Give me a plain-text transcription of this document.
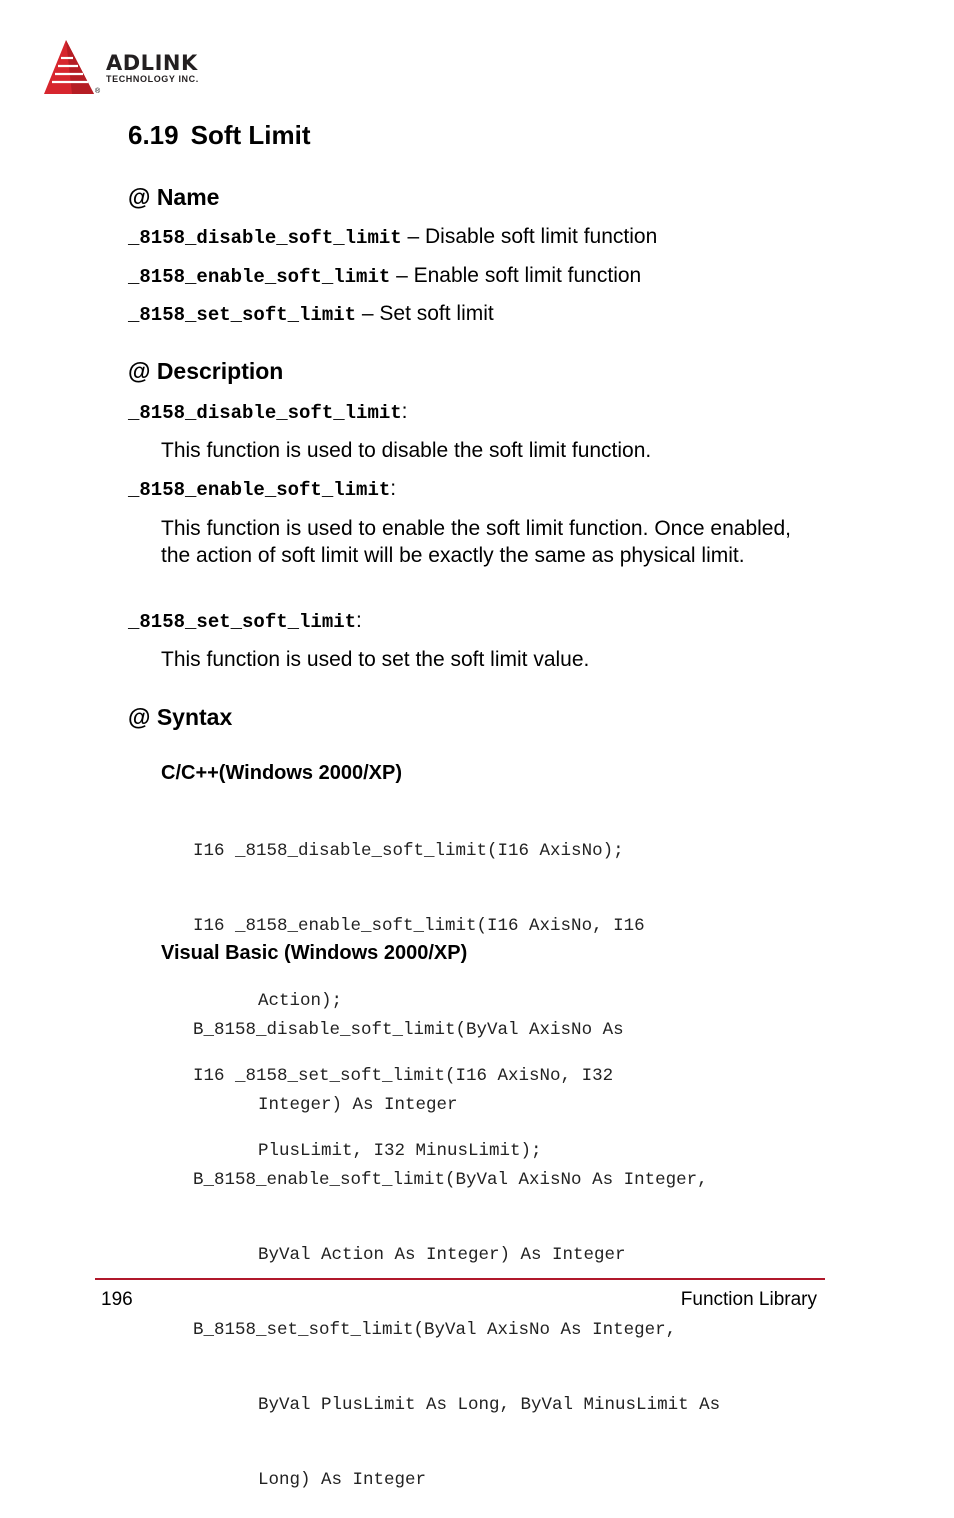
®
ADLINK
TECHNOLOGY INC.
6.19 Soft Limit
@ Name
_8158_disable_soft_limit – Disable soft limit function
_8158_enable_soft_limit – Enable soft limit function
_8158_set_soft_limit – Set soft limit
@ Description
_8158_disable_soft_limit:
This function is used to disable the soft limit function.
_8158_enable_soft_limit:
This function is used to enable the soft limit function. Once enabled, the action of soft limit will be exactly the same as physical limit.
_8158_set_soft_limit:
This function is used to set the soft limit value.
@ Syntax
C/C++(Windows 2000/XP)

I16 _8158_disable_soft_limit(I16 AxisNo);

I16 _8158_enable_soft_limit(I16 AxisNo, I16

Action);

I16 _8158_set_soft_limit(I16 AxisNo, I32

PlusLimit, I32 MinusLimit);

Visual Basic (Windows 2000/XP)

B_8158_disable_soft_limit(ByVal AxisNo As

Integer) As Integer

B_8158_enable_soft_limit(ByVal AxisNo As Integer,

ByVal Action As Integer) As Integer

B_8158_set_soft_limit(ByVal AxisNo As Integer,

ByVal PlusLimit As Long, ByVal MinusLimit As

Long) As Integer

196	Function Library
